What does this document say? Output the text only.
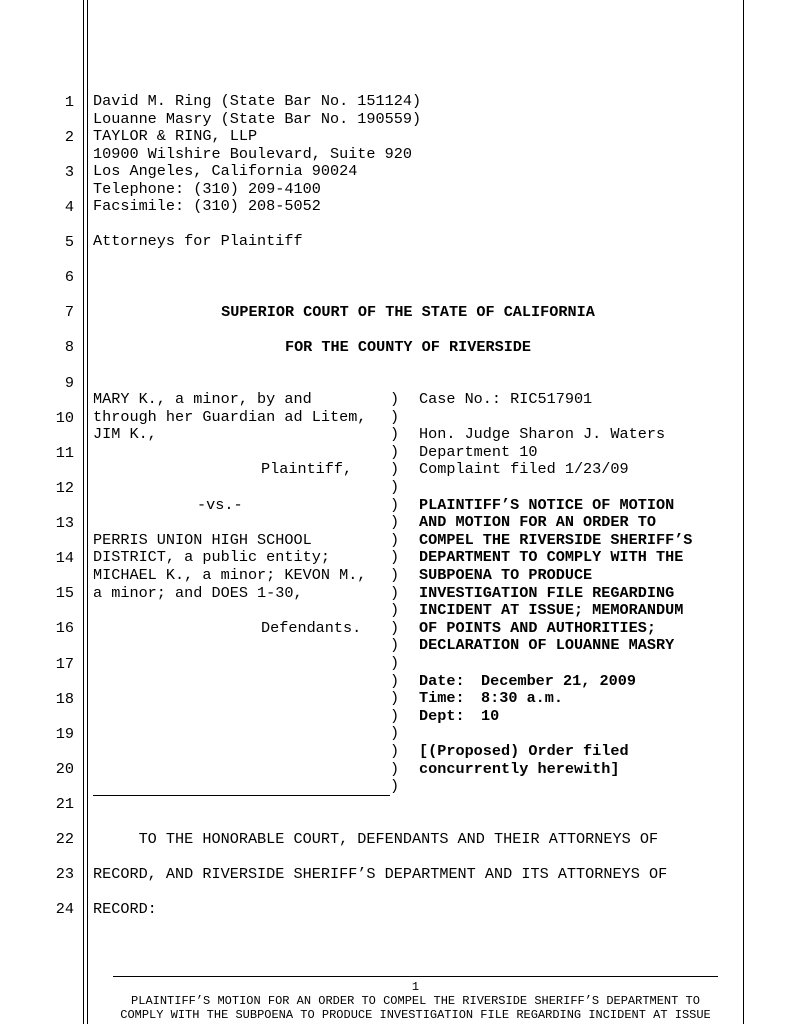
1
2
3
4
5
6
7
8
9
10
11
12
13
14
15
16
17
18
19
20
21
22
23
24
David M. Ring (State Bar No. 151124)
Louanne Masry (State Bar No. 190559)
TAYLOR & RING, LLP
10900 Wilshire Boulevard, Suite 920
Los Angeles, California 90024
Telephone: (310) 209-4100
Facsimile: (310) 208-5052
Attorneys for Plaintiff
SUPERIOR COURT OF THE STATE OF CALIFORNIA
FOR THE COUNTY OF RIVERSIDE
MARY K., a minor, by and
through her Guardian ad Litem,
JIM K.,
Plaintiff,
-vs.-
PERRIS UNION HIGH SCHOOL
DISTRICT, a public entity;
MICHAEL K., a minor; KEVON M.,
a minor; and DOES 1-30,
Defendants.
)
)
)
)
)
)
)
)
)
)
)
)
)
)
)
)
)
)
)
)
)
)
)
Case No.: RIC517901
Hon. Judge Sharon J. Waters
Department 10
Complaint filed 1/23/09
PLAINTIFF’S NOTICE OF MOTION
AND MOTION FOR AN ORDER TO
COMPEL THE RIVERSIDE SHERIFF’S
DEPARTMENT TO COMPLY WITH THE
SUBPOENA TO PRODUCE
INVESTIGATION FILE REGARDING
INCIDENT AT ISSUE; MEMORANDUM
OF POINTS AND AUTHORITIES;
DECLARATION OF LOUANNE MASRY
Date: December 21, 2009
Time: 8:30 a.m.
Dept: 10
[(Proposed) Order filed
concurrently herewith]
TO THE HONORABLE COURT, DEFENDANTS AND THEIR ATTORNEYS OF
RECORD, AND RIVERSIDE SHERIFF’S DEPARTMENT AND ITS ATTORNEYS OF
RECORD:
1
PLAINTIFF’S MOTION FOR AN ORDER TO COMPEL THE RIVERSIDE SHERIFF’S DEPARTMENT TO
COMPLY WITH THE SUBPOENA TO PRODUCE INVESTIGATION FILE REGARDING INCIDENT AT ISSUE
